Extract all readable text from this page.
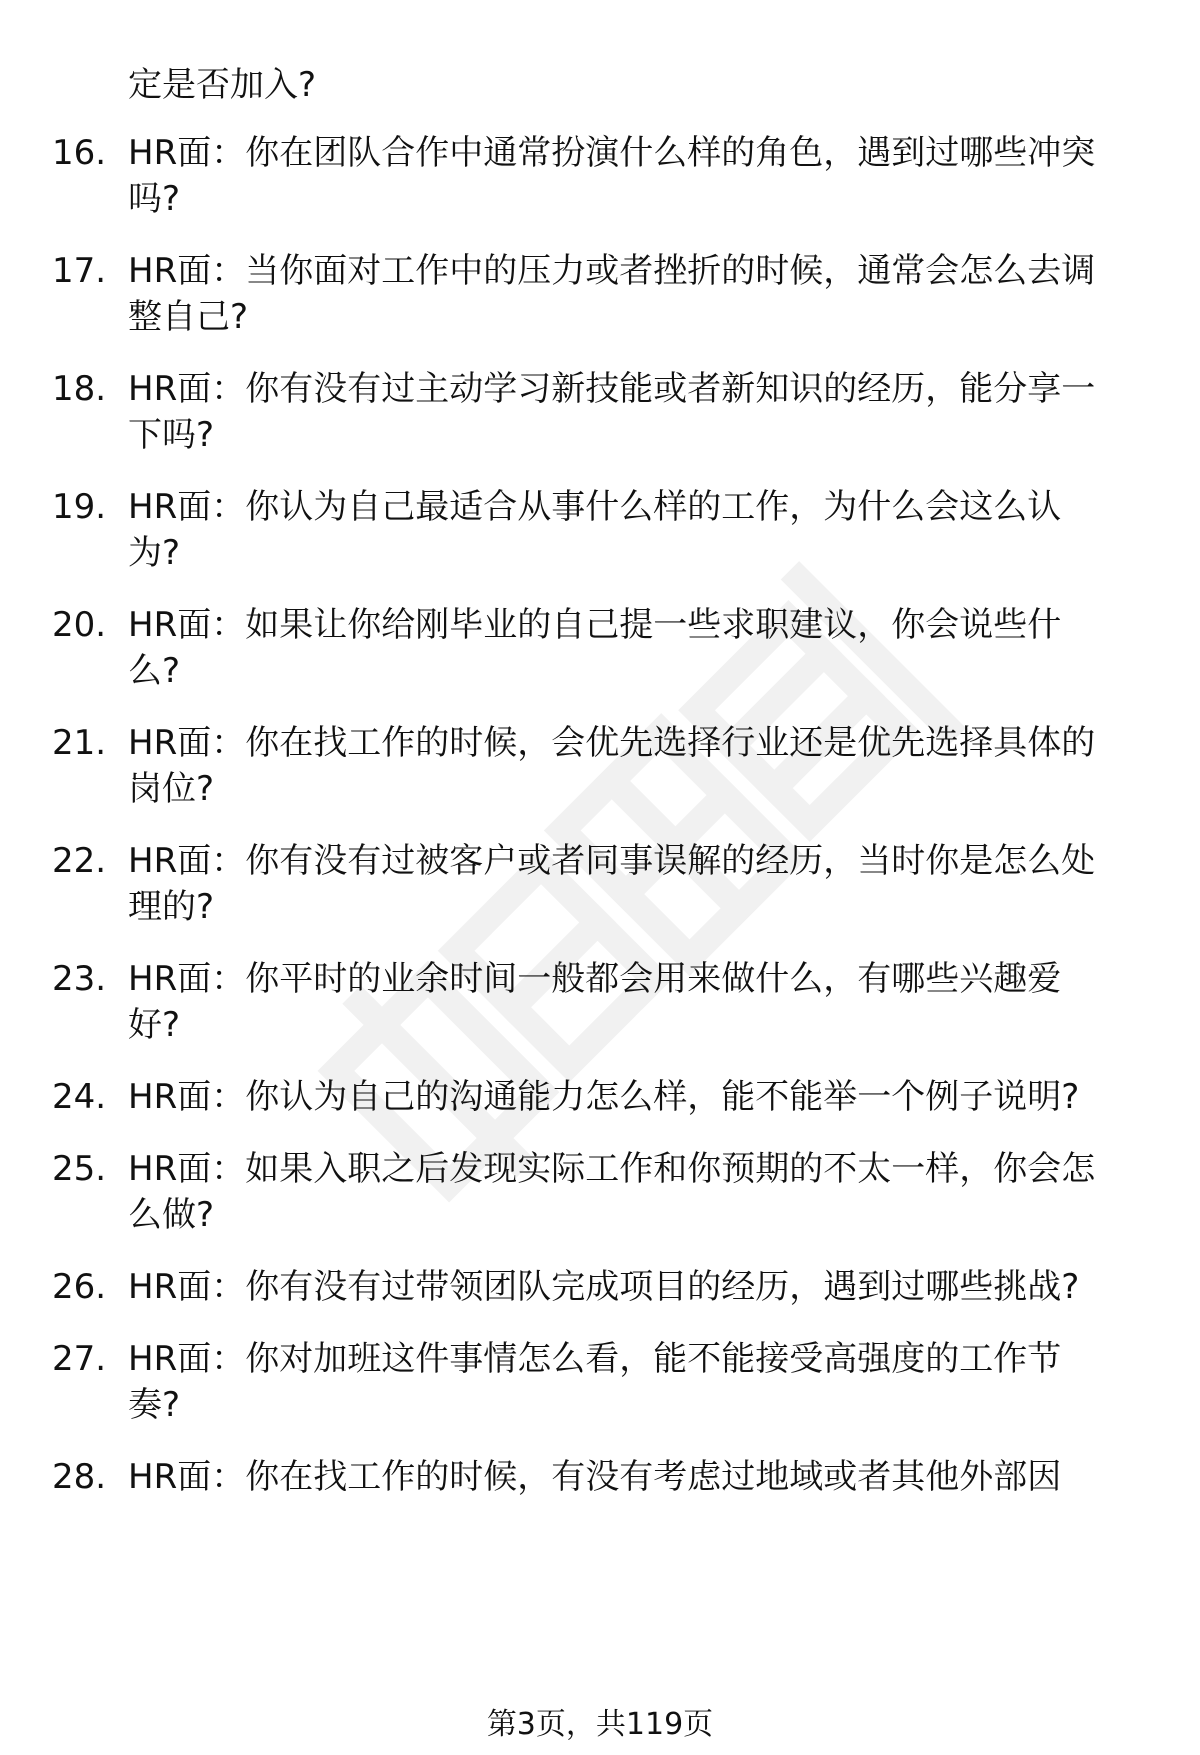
定是否加入?
16. HR面：你在团队合作中通常扮演什么样的角色，遇到过哪些冲突
吗?
17. HR面：当你面对工作中的压力或者挫折的时候，通常会怎么去调
整自己?
18. HR面：你有没有过主动学习新技能或者新知识的经历，能分享一
下吗?
19. HR面：你认为自己最适合从事什么样的工作，为什么会这么认
为?
20. HR面：如果让你给刚毕业的自己提一些求职建议，你会说些什
么?
21. HR面：你在找工作的时候，会优先选择行业还是优先选择具体的
岗位?
22. HR面：你有没有过被客户或者同事误解的经历，当时你是怎么处
理的?
23. HR面：你平时的业余时间一般都会用来做什么，有哪些兴趣爱
好?
24. HR面：你认为自己的沟通能力怎么样，能不能举一个例子说明?
25. HR面：如果入职之后发现实际工作和你预期的不太一样，你会怎
么做?
26. HR面：你有没有过带领团队完成项目的经历，遇到过哪些挑战?
27. HR面：你对加班这件事情怎么看，能不能接受高强度的工作节
奏?
28. HR面：你在找工作的时候，有没有考虑过地域或者其他外部因
第3页，共119页
